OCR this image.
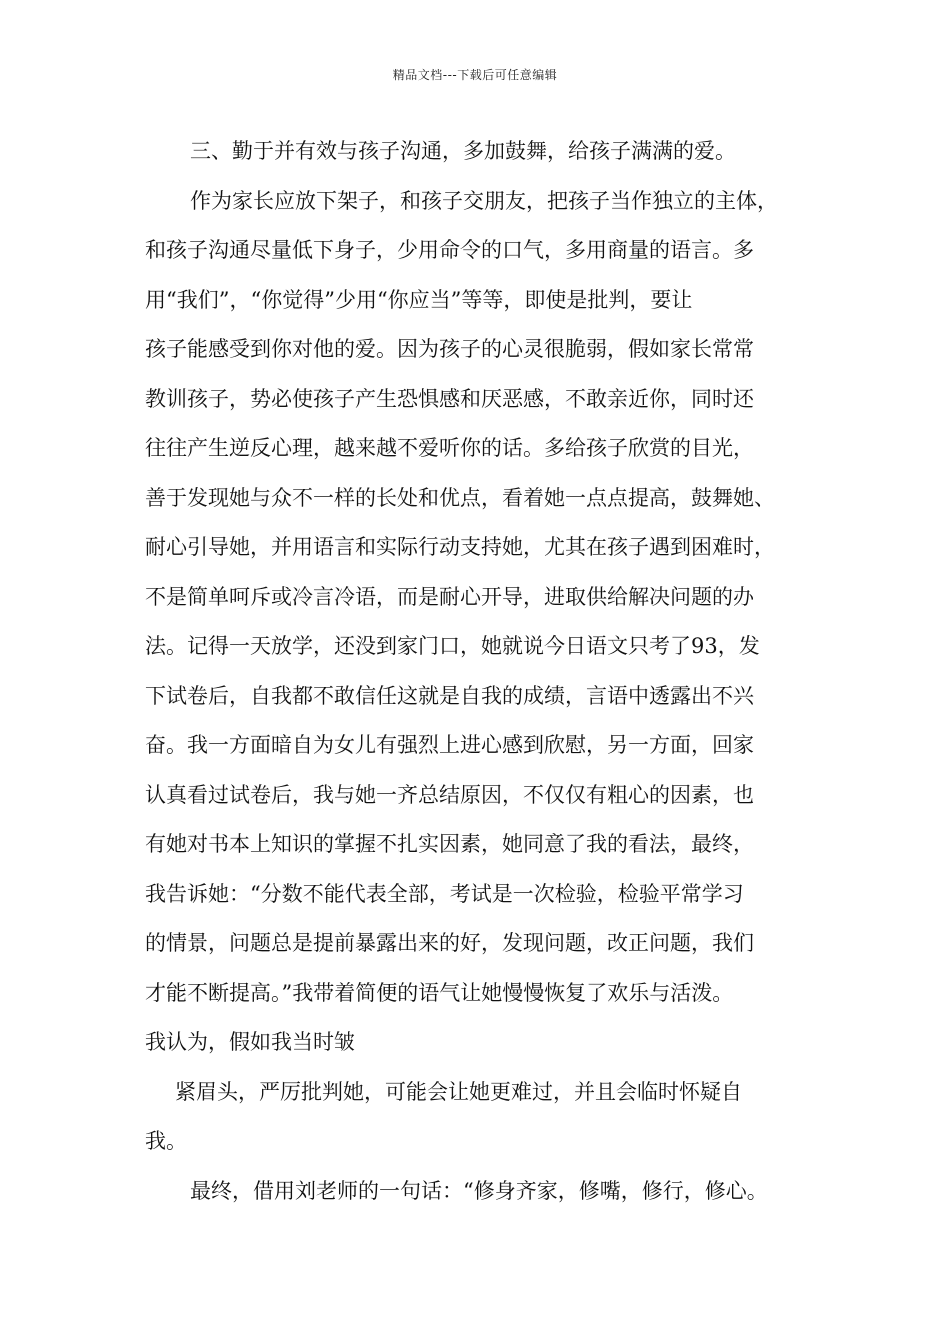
精品文档---下载后可任意编辑
三、勤于并有效与孩子沟通，多加鼓舞，给孩子满满的爱。
作为家长应放下架子，和孩子交朋友，把孩子当作独立的主体，
和孩子沟通尽量低下身子，少用命令的口气，多用商量的语言。多
用“我们”，“你觉得”少用“你应当”等等，即使是批判，要让
孩子能感受到你对他的爱。因为孩子的心灵很脆弱，假如家长常常
教训孩子，势必使孩子产生恐惧感和厌恶感，不敢亲近你，同时还
往往产生逆反心理，越来越不爱听你的话。多给孩子欣赏的目光，
善于发现她与众不一样的长处和优点，看着她一点点提高，鼓舞她、
耐心引导她，并用语言和实际行动支持她，尤其在孩子遇到困难时，
不是简单呵斥或冷言冷语，而是耐心开导，进取供给解决问题的办
法。记得一天放学，还没到家门口，她就说今日语文只考了93，发
下试卷后，自我都不敢信任这就是自我的成绩，言语中透露出不兴
奋。我一方面暗自为女儿有强烈上进心感到欣慰，另一方面，回家
认真看过试卷后，我与她一齐总结原因，不仅仅有粗心的因素，也
有她对书本上知识的掌握不扎实因素，她同意了我的看法，最终，
我告诉她：“分数不能代表全部，考试是一次检验，检验平常学习
的情景，问题总是提前暴露出来的好，发现问题，改正问题，我们
才能不断提高。”我带着简便的语气让她慢慢恢复了欢乐与活泼。
我认为，假如我当时皱
紧眉头，严厉批判她，可能会让她更难过，并且会临时怀疑自
我。
最终，借用刘老师的一句话：“修身齐家，修嘴，修行，修心。
